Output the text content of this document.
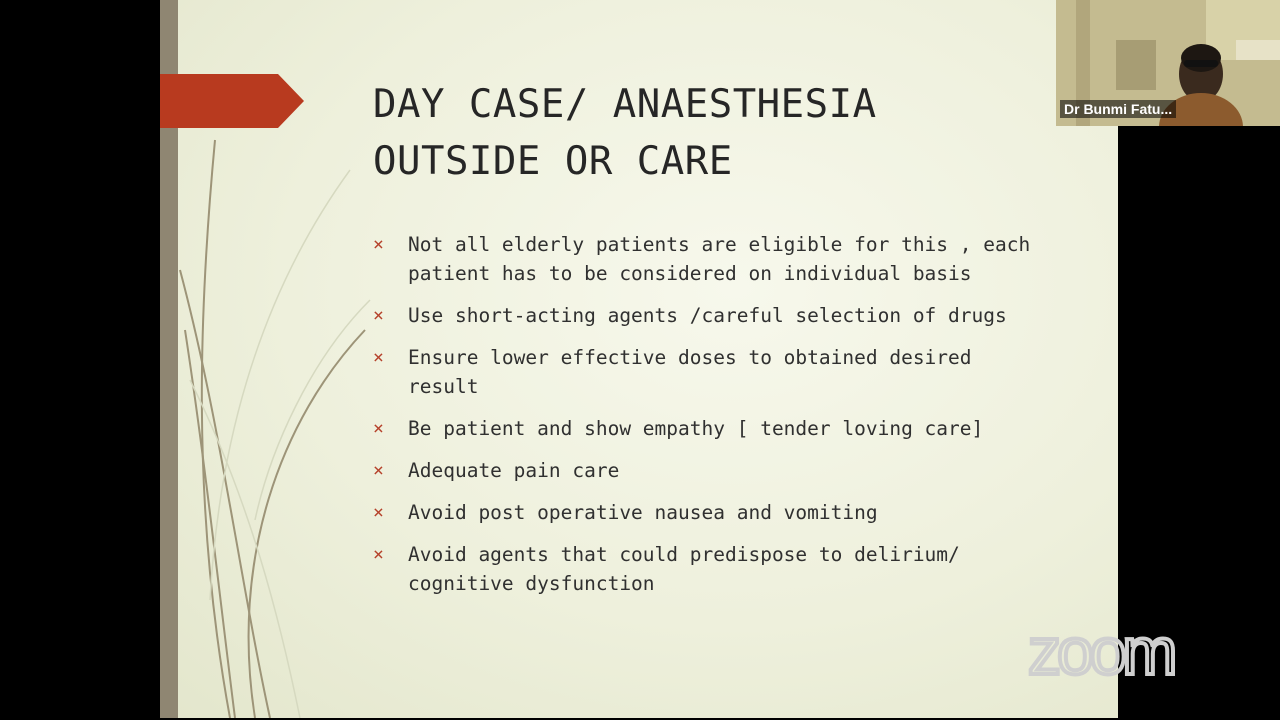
DAY CASE/ ANAESTHESIA
OUTSIDE OR CARE
× Not all elderly patients are eligible for this , each
patient has to be considered on individual basis
× Use short-acting agents /careful selection of drugs
× Ensure lower effective doses to obtained desired
result
× Be patient and show empathy [ tender loving care]
× Adequate pain care
× Avoid post operative nausea and vomiting
× Avoid agents that could predispose to delirium/
cognitive dysfunction
Dr Bunmi Fatu...
zoom
